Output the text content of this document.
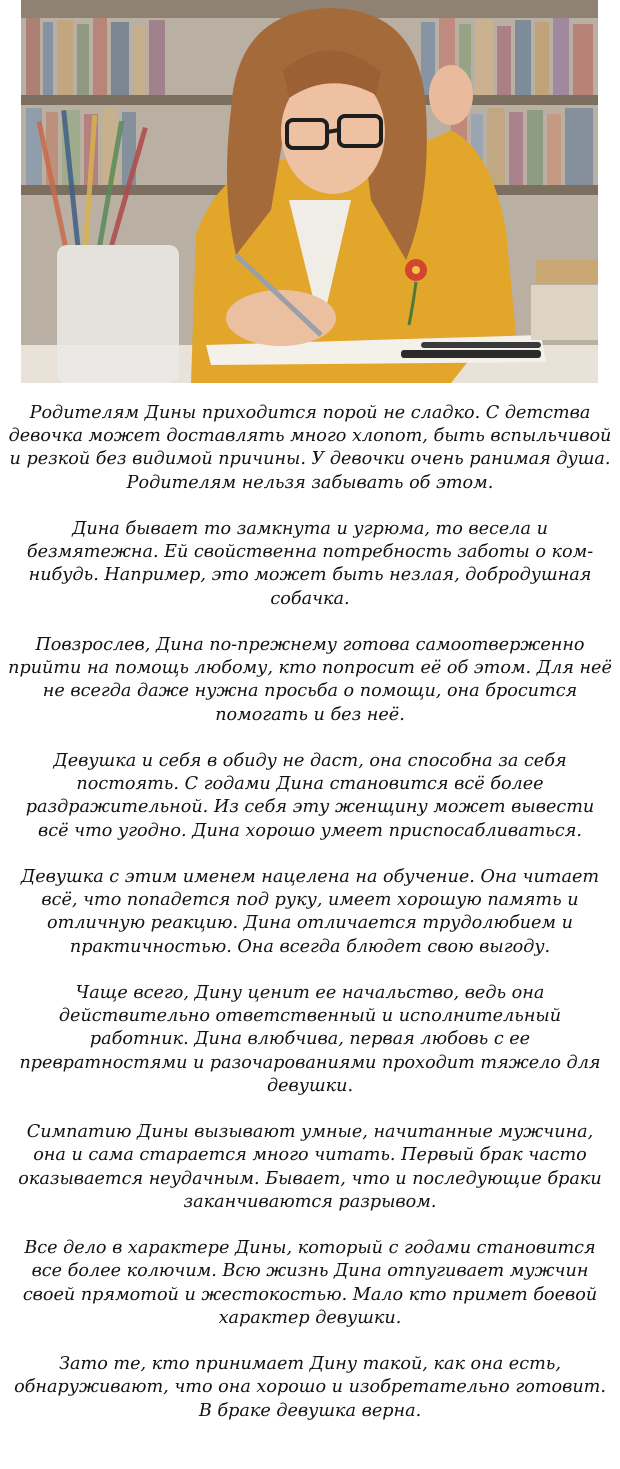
Родителям Дины приходится порой не сладко. С детства девочка может доставлять много хлопот, быть вспыльчивой и резкой без видимой причины. У девочки очень ранимая душа. Родителям нельзя забывать об этом.

Дина бывает то замкнута и угрюма, то весела и безмятежна. Ей свойственна потребность заботы о ком-нибудь. Например, это может быть незлая, добродушная собачка.

Повзрослев, Дина по-прежнему готова самоотверженно прийти на помощь любому, кто попросит её об этом. Для неё не всегда даже нужна просьба о помощи, она бросится помогать и без неё.

Девушка и себя в обиду не даст, она способна за себя постоять. С годами Дина становится всё более раздражительной. Из себя эту женщину может вывести всё что угодно. Дина хорошо умеет приспосабливаться.

Девушка с этим именем нацелена на обучение. Она читает всё, что попадется под руку, имеет хорошую память и отличную реакцию. Дина отличается трудолюбием и практичностью. Она всегда блюдет свою выгоду.

Чаще всего, Дину ценит ее начальство, ведь она действительно ответственный и исполнительный работник. Дина влюбчива, первая любовь с ее превратностями и разочарованиями проходит тяжело для девушки.

Симпатию Дины вызывают умные, начитанные мужчина, она и сама старается много читать. Первый брак часто оказывается неудачным. Бывает, что и последующие браки заканчиваются разрывом.

Все дело в характере Дины, который с годами становится все более колючим. Всю жизнь Дина отпугивает мужчин своей прямотой и жестокостью. Мало кто примет боевой характер девушки.

Зато те, кто принимает Дину такой, как она есть, обнаруживают, что она хорошо и изобретательно готовит. В браке девушка верна.
